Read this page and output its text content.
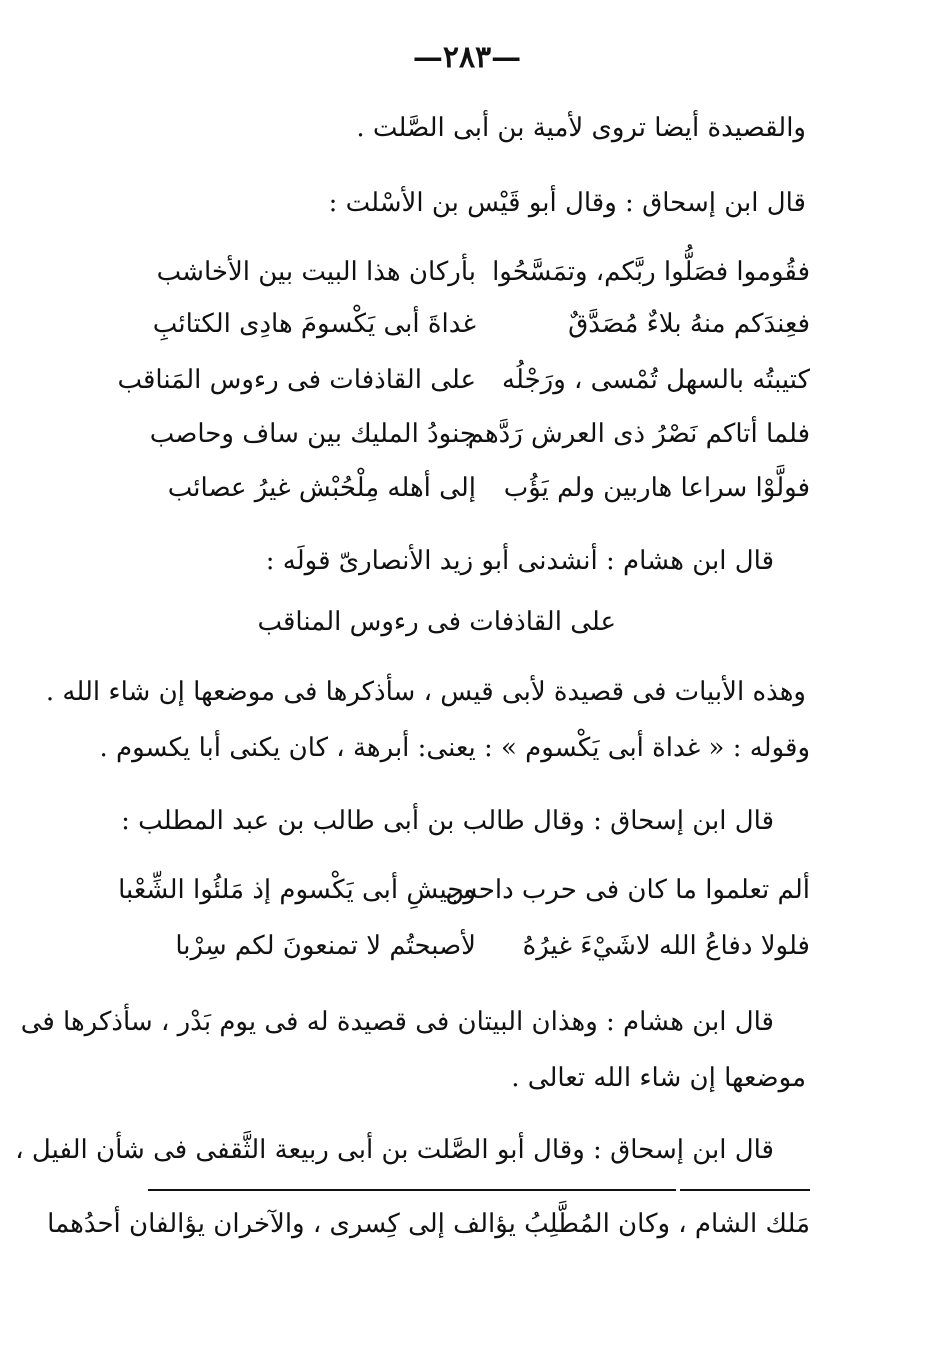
—٢٨٣—
والقصيدة أيضا تروى لأمية بن أبى الصَّلت .
قال ابن إسحاق : وقال أبو قَيْس بن الأسْلت :
فقُوموا فصَلُّوا ربَّكم، وتمَسَّحُوا
بأركان هذا البيت بين الأخاشب
فعِندَكم منهُ بلاءٌ مُصَدَّقٌ
غداةَ أبى يَكْسومَ هادِى الكتائبِ
كتيبتُه بالسهل تُمْسى ، ورَجْلُه
على القاذفات فى رءوس المَناقب
فلما أتاكم نَصْرُ ذى العرش رَدَّهم
جنودُ المليك بين ساف وحاصب
فولَّوْا سراعا هاربين ولم يَؤُب
إلى أهله مِلْحُبْش غيرُ عصائب
قال ابن هشام : أنشدنى أبو زيد الأنصارىّ قولَه :
على القاذفات فى رءوس المناقب
وهذه الأبيات فى قصيدة لأبى قيس ، سأذكرها فى موضعها إن شاء الله .
وقوله : « غداة أبى يَكْسوم » : يعنى: أبرهة ، كان يكنى أبا يكسوم .
قال ابن إسحاق : وقال طالب بن أبى طالب بن عبد المطلب :
ألم تعلموا ما كان فى حرب داحس
وجيشِ أبى يَكْسوم إذ مَلئُوا الشِّعْبا
فلولا دفاعُ الله لاشَيْءَ غيرُهُ
لأصبحتُم لا تمنعونَ لكم سِرْبا
قال ابن هشام : وهذان البيتان فى قصيدة له فى يوم بَدْر ، سأذكرها فى
موضعها إن شاء الله تعالى .
قال ابن إسحاق : وقال أبو الصَّلت بن أبى ربيعة الثَّقفى فى شأن الفيل ،
مَلك الشام ، وكان المُطَّلِبُ يؤالف إلى كِسرى ، والآخران يؤالفان أحدُهما
